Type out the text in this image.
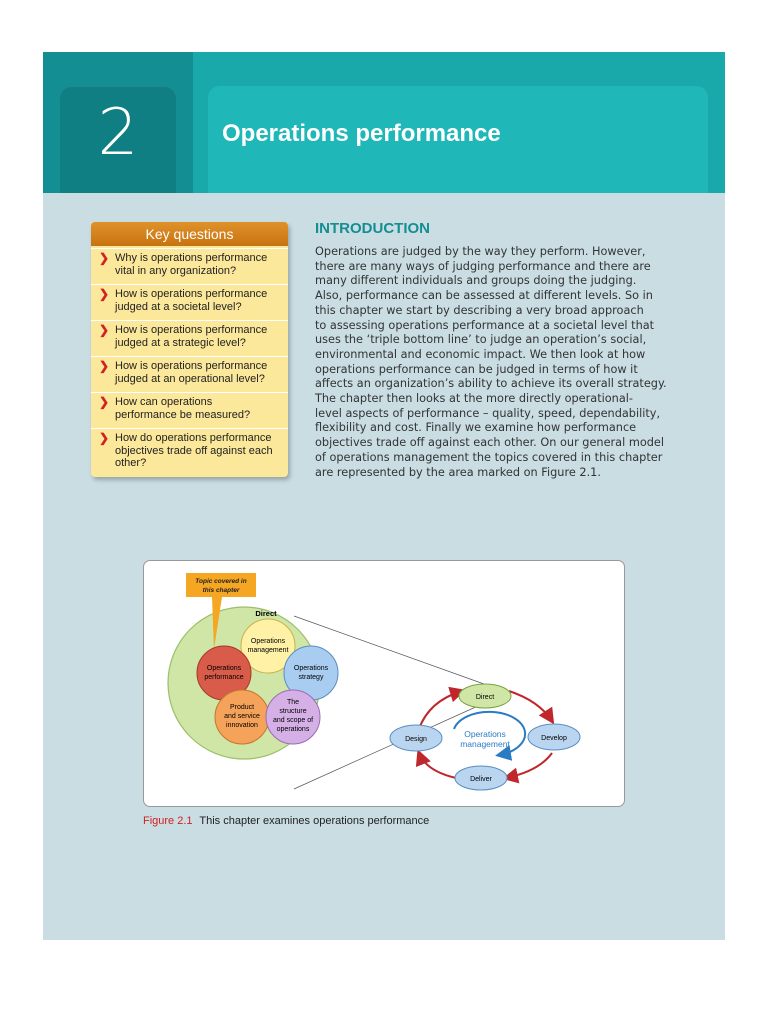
2	Operations performance
Key questions
❯ Why is operations performance
vital in any organization?
❯ How is operations performance
judged at a societal level?
❯ How is operations performance
judged at a strategic level?
❯ How is operations performance
judged at an operational level?
❯ How can operations
performance be measured?
❯ How do operations performance
objectives trade off against each
other?
INTRODUCTION
Operations are judged by the way they perform. However,
there are many ways of judging performance and there are
many different individuals and groups doing the judging.
Also, performance can be assessed at different levels. So in
this chapter we start by describing a very broad approach
to assessing operations performance at a societal level that
uses the ‘triple bottom line’ to judge an operation’s social,
environmental and economic impact. We then look at how
operations performance can be judged in terms of how it
affects an organization’s ability to achieve its overall strategy.
The chapter then looks at the more directly operational-
level aspects of performance – quality, speed, dependability,
flexibility and cost. Finally we examine how performance
objectives trade off against each other. On our general model
of operations management the topics covered in this chapter
are represented by the area marked on Figure 2.1.
Direct
Topic covered in
this chapter
Operations
management
Operations
performance
Operations
strategy
Product
and service
innovation
The
structure
and scope of
operations	Operations
management
Direct
Design	Develop
Deliver
Figure 2.1 This chapter examines operations performance
